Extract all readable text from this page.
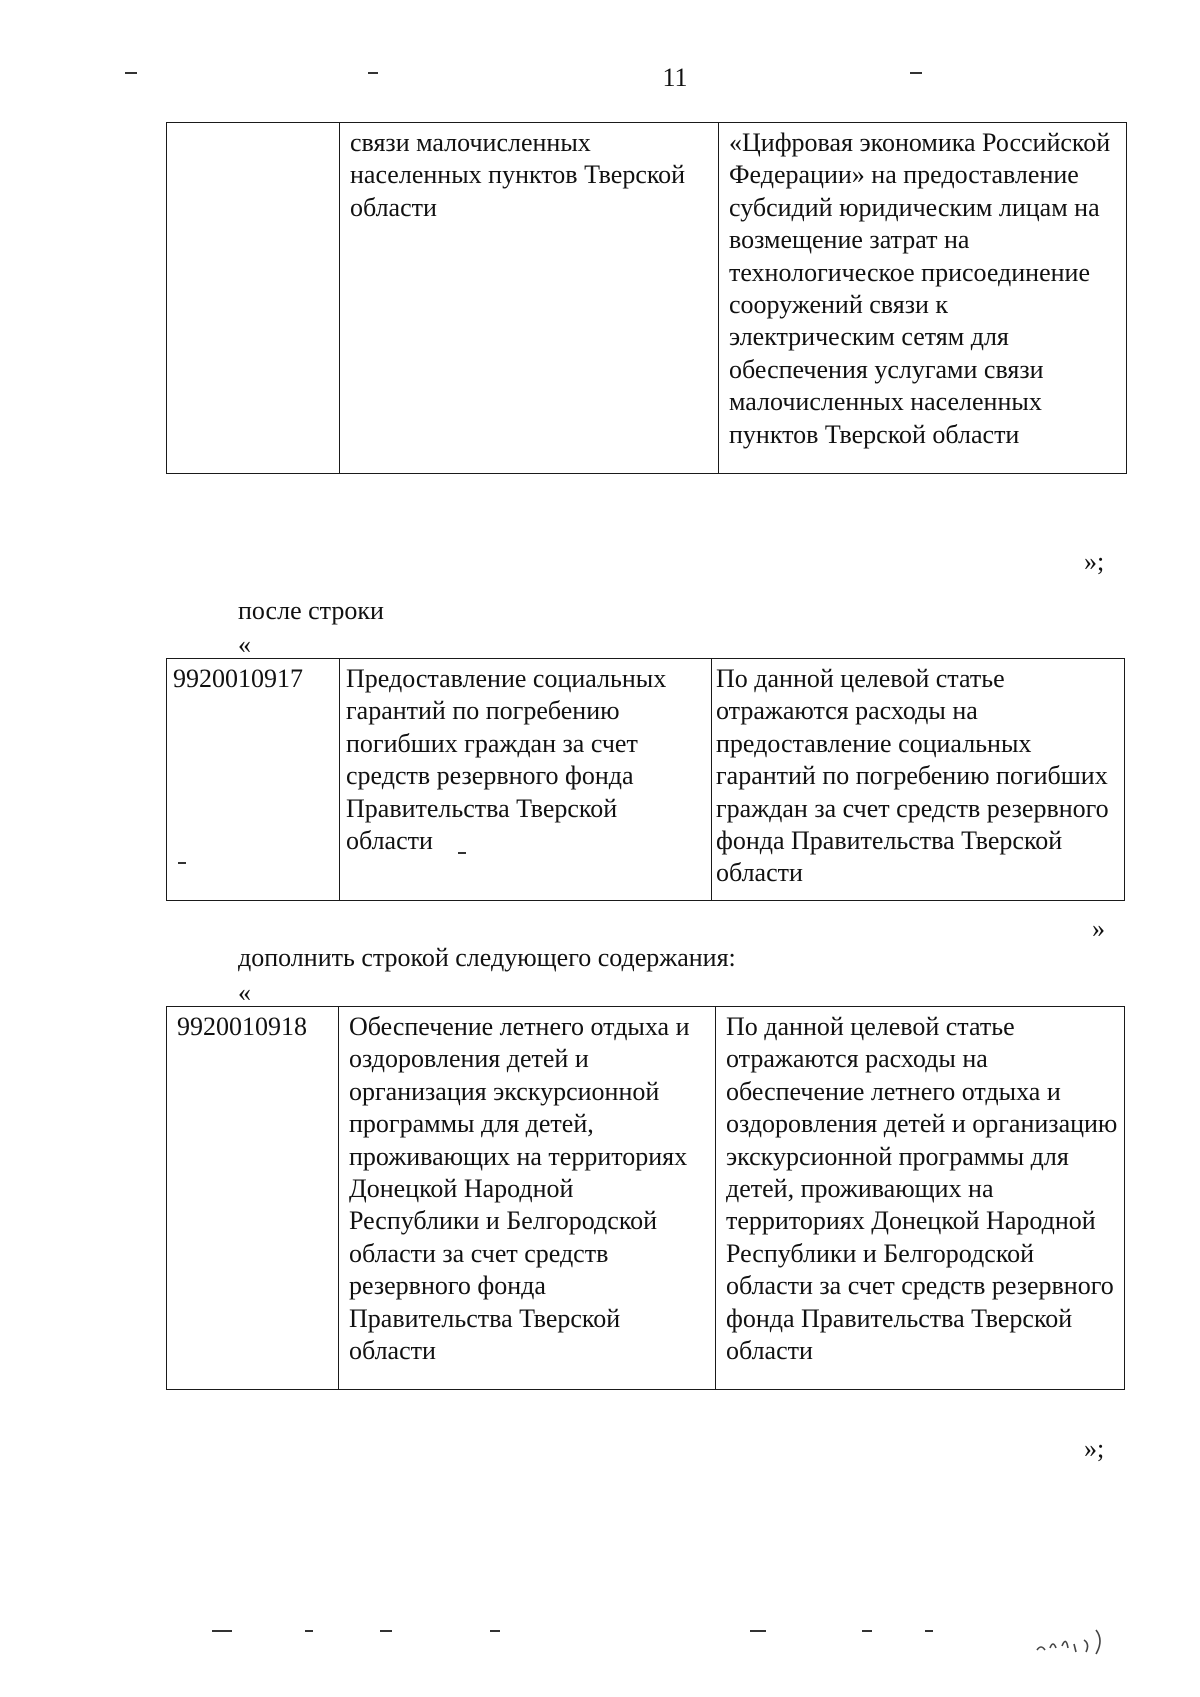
11
	связи малочисленных населенных пунктов Тверской области	«Цифровая экономика Российской Федерации» на предоставление субсидий юридическим лицам на возмещение затрат на технологическое присоединение сооружений связи к электрическим сетям для обеспечения услугами связи малочисленных населенных пунктов Тверской области
»;
после строки
«
9920010917	Предоставление социальных гарантий по погребению погибших граждан за счет средств резервного фонда Правительства Тверской области	По данной целевой статье отражаются расходы на предоставление социальных гарантий по погребению погибших граждан за счет средств резервного фонда Правительства Тверской области
»
дополнить строкой следующего содержания:
«
9920010918	Обеспечение летнего отдыха и оздоровления детей и организация экскурсионной программы для детей, проживающих на территориях Донецкой Народной Республики и Белгородской области за счет средств резервного фонда Правительства Тверской области	По данной целевой статье отражаются расходы на обеспечение летнего отдыха и оздоровления детей и организацию экскурсионной программы для детей, проживающих на территориях Донецкой Народной Республики и Белгородской области за счет средств резервного фонда Правительства Тверской области
»;
